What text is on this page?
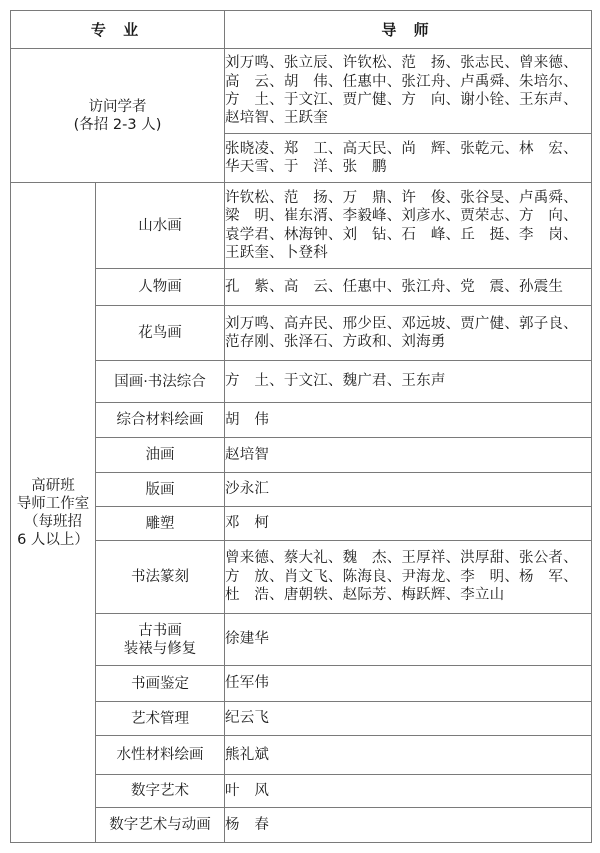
专 业		导 师

访问学者
(各招 2-3 人)		刘万鸣、张立辰、许钦松、范　扬、张志民、曾来德、
高　云、胡　伟、任惠中、张江舟、卢禹舜、朱培尔、
方　土、于文江、贾广健、方　向、谢小铨、王东声、
赵培智、王跃奎

		张晓凌、郑　工、高天民、尚　辉、张乾元、林　宏、
华天雪、于　洋、张　鹏

高研班
导师工作室
（每班招
6 人以上）	山水画	许钦松、范　扬、万　鼎、许　俊、张谷旻、卢禹舜、
梁　明、崔东湑、李毅峰、刘彦水、贾荣志、方　向、
袁学君、林海钟、刘　钻、石　峰、丘　挺、李　岗、
王跃奎、卜登科

	人物画	孔　紫、高　云、任惠中、张江舟、党　震、孙震生

	花鸟画	刘万鸣、高卉民、邢少臣、邓远坡、贾广健、郭子良、
范存刚、张泽石、方政和、刘海勇

	国画·书法综合	方　土、于文江、魏广君、王东声

	综合材料绘画	胡　伟

	油画	赵培智

	版画	沙永汇

	雕塑	邓　柯

	书法篆刻	曾来德、蔡大礼、魏　杰、王厚祥、洪厚甜、张公者、
方　放、肖文飞、陈海良、尹海龙、李　明、杨　军、
杜　浩、唐朝轶、赵际芳、梅跃辉、李立山

	古书画
装裱与修复	徐建华

	书画鉴定	任军伟

	艺术管理	纪云飞

	水性材料绘画	熊礼斌

	数字艺术	叶　风

	数字艺术与动画	杨　春
